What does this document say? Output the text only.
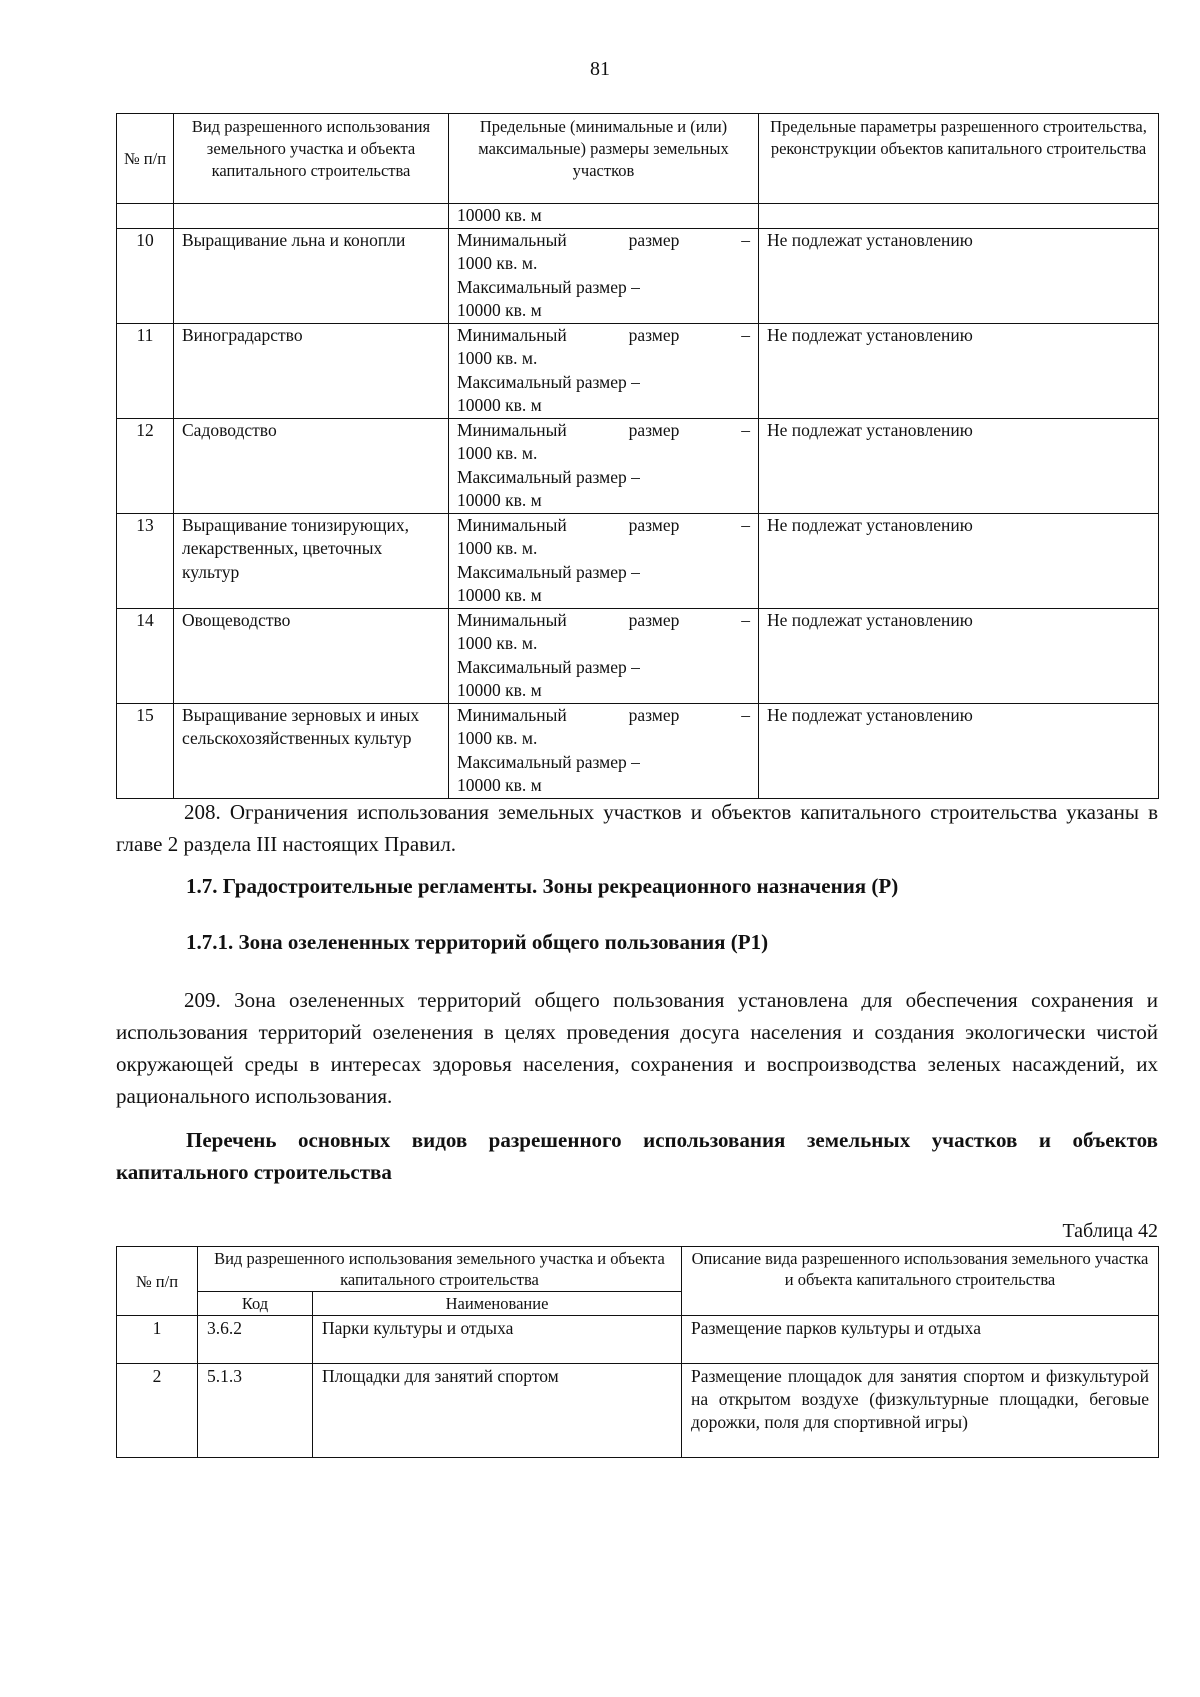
81
№ п/п	Вид разрешенного использования земельного участка и объекта капитального строительства	Предельные (минимальные и (или) максимальные) размеры земельных участков	Предельные параметры разрешенного строительства, реконструкции объектов капитального строительства
		10000 кв. м	
10	Выращивание льна и конопли	Минимальный размер –
1000 кв. м.
Максимальный размер –
10000 кв. м	Не подлежат установлению
11	Виноградарство	Минимальный размер –
1000 кв. м.
Максимальный размер –
10000 кв. м	Не подлежат установлению
12	Садоводство	Минимальный размер –
1000 кв. м.
Максимальный размер –
10000 кв. м	Не подлежат установлению
13	Выращивание тонизирующих, лекарственных, цветочных культур	Минимальный размер –
1000 кв. м.
Максимальный размер –
10000 кв. м	Не подлежат установлению
14	Овощеводство	Минимальный размер –
1000 кв. м.
Максимальный размер –
10000 кв. м	Не подлежат установлению
15	Выращивание зерновых и иных сельскохозяйственных культур	Минимальный размер –
1000 кв. м.
Максимальный размер –
10000 кв. м	Не подлежат установлению
208. Ограничения использования земельных участков и объектов капитального строительства указаны в главе 2 раздела III настоящих Правил.
1.7. Градостроительные регламенты. Зоны рекреационного назначения (Р)
1.7.1. Зона озелененных территорий общего пользования (Р1)
209. Зона озелененных территорий общего пользования установлена для обеспечения сохранения и использования территорий озеленения в целях проведения досуга населения и создания экологически чистой окружающей среды в интересах здоровья населения, сохранения и воспроизводства зеленых насаждений, их рационального использования.
Перечень основных видов разрешенного использования земельных участков и объектов капитального строительства
Таблица 42
№ п/п	Вид разрешенного использования земельного участка и объекта капитального строительства		Описание вида разрешенного использования земельного участка и объекта капитального строительства
	Код	Наименование	
1	3.6.2	Парки культуры и отдыха	Размещение парков культуры и отдыха
2	5.1.3	Площадки для занятий спортом	Размещение площадок для занятия спортом и физкультурой на открытом воздухе (физкультурные площадки, беговые дорожки, поля для спортивной игры)
